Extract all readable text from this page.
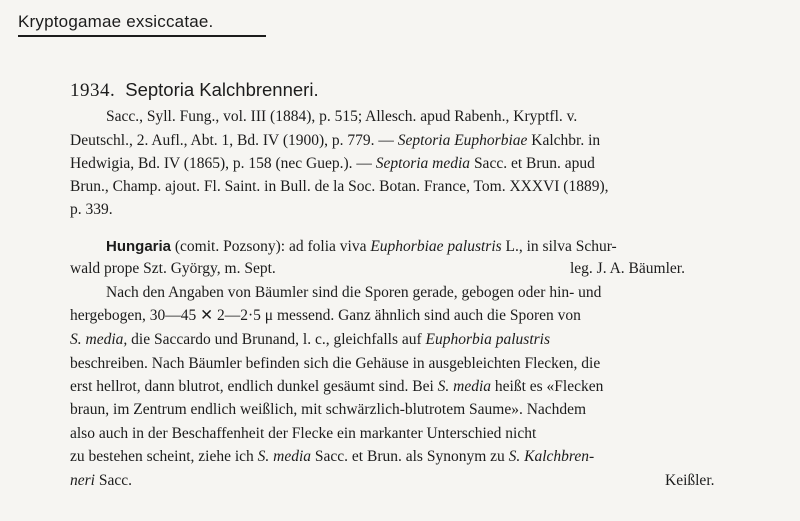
Kryptogamae exsiccatae.
1934. Septoria Kalchbrenneri.
Sacc., Syll. Fung., vol. III (1884), p. 515; Allesch. apud Rabenh., Kryptfl. v.
Deutschl., 2. Aufl., Abt. 1, Bd. IV (1900), p. 779. — Septoria Euphorbiae Kalchbr. in
Hedwigia, Bd. IV (1865), p. 158 (nec Guep.). — Septoria media Sacc. et Brun. apud
Brun., Champ. ajout. Fl. Saint. in Bull. de la Soc. Botan. France, Tom. XXXVI (1889),
p. 339.
Hungaria (comit. Pozsony): ad folia viva Euphorbiae palustris L., in silva Schur-
wald prope Szt. György, m. Sept.	leg. J. A. Bäumler.
Nach den Angaben von Bäumler sind die Sporen gerade, gebogen oder hin- und
hergebogen, 30—45 ✕ 2—2·5 μ messend. Ganz ähnlich sind auch die Sporen von
S. media, die Saccardo und Brunand, l. c., gleichfalls auf Euphorbia palustris
beschreiben. Nach Bäumler befinden sich die Gehäuse in ausgebleichten Flecken, die
erst hellrot, dann blutrot, endlich dunkel gesäumt sind. Bei S. media heißt es «Flecken
braun, im Zentrum endlich weißlich, mit schwärzlich-blutrotem Saume». Nachdem
also auch in der Beschaffenheit der Flecke ein markanter Unterschied nicht
zu bestehen scheint, ziehe ich S. media Sacc. et Brun. als Synonym zu S. Kalchbren-
neri Sacc.	Keißler.
